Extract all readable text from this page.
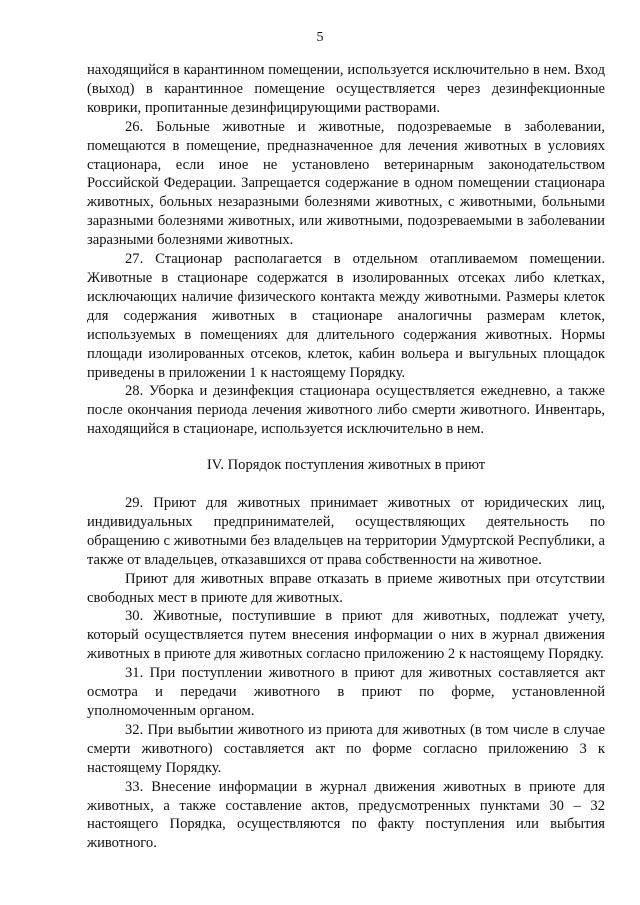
5

находящийся в карантинном помещении, используется исключительно в нем. Вход (выход) в карантинное помещение осуществляется через дезинфекционные коврики, пропитанные дезинфицирующими растворами.

26. Больные животные и животные, подозреваемые в заболевании, помещаются в помещение, предназначенное для лечения животных в условиях стационара, если иное не установлено ветеринарным законодательством Российской Федерации. Запрещается содержание в одном помещении стационара животных, больных незаразными болезнями животных, с животными, больными заразными болезнями животных, или животными, подозреваемыми в заболевании заразными болезнями животных.

27. Стационар располагается в отдельном отапливаемом помещении. Животные в стационаре содержатся в изолированных отсеках либо клетках, исключающих наличие физического контакта между животными. Размеры клеток для содержания животных в стационаре аналогичны размерам клеток, используемых в помещениях для длительного содержания животных. Нормы площади изолированных отсеков, клеток, кабин вольера и выгульных площадок приведены в приложении 1 к настоящему Порядку.

28. Уборка и дезинфекция стационара осуществляется ежедневно, а также после окончания периода лечения животного либо смерти животного. Инвентарь, находящийся в стационаре, используется исключительно в нем.

IV. Порядок поступления животных в приют

29. Приют для животных принимает животных от юридических лиц, индивидуальных предпринимателей, осуществляющих деятельность по обращению с животными без владельцев на территории Удмуртской Республики, а также от владельцев, отказавшихся от права собственности на животное.

Приют для животных вправе отказать в приеме животных при отсутствии свободных мест в приюте для животных.

30. Животные, поступившие в приют для животных, подлежат учету, который осуществляется путем внесения информации о них в журнал движения животных в приюте для животных согласно приложению 2 к настоящему Порядку.

31. При поступлении животного в приют для животных составляется акт осмотра и передачи животного в приют по форме, установленной уполномоченным органом.

32. При выбытии животного из приюта для животных (в том числе в случае смерти животного) составляется акт по форме согласно приложению 3 к настоящему Порядку.

33. Внесение информации в журнал движения животных в приюте для животных, а также составление актов, предусмотренных пунктами 30 – 32 настоящего Порядка, осуществляются по факту поступления или выбытия животного.
